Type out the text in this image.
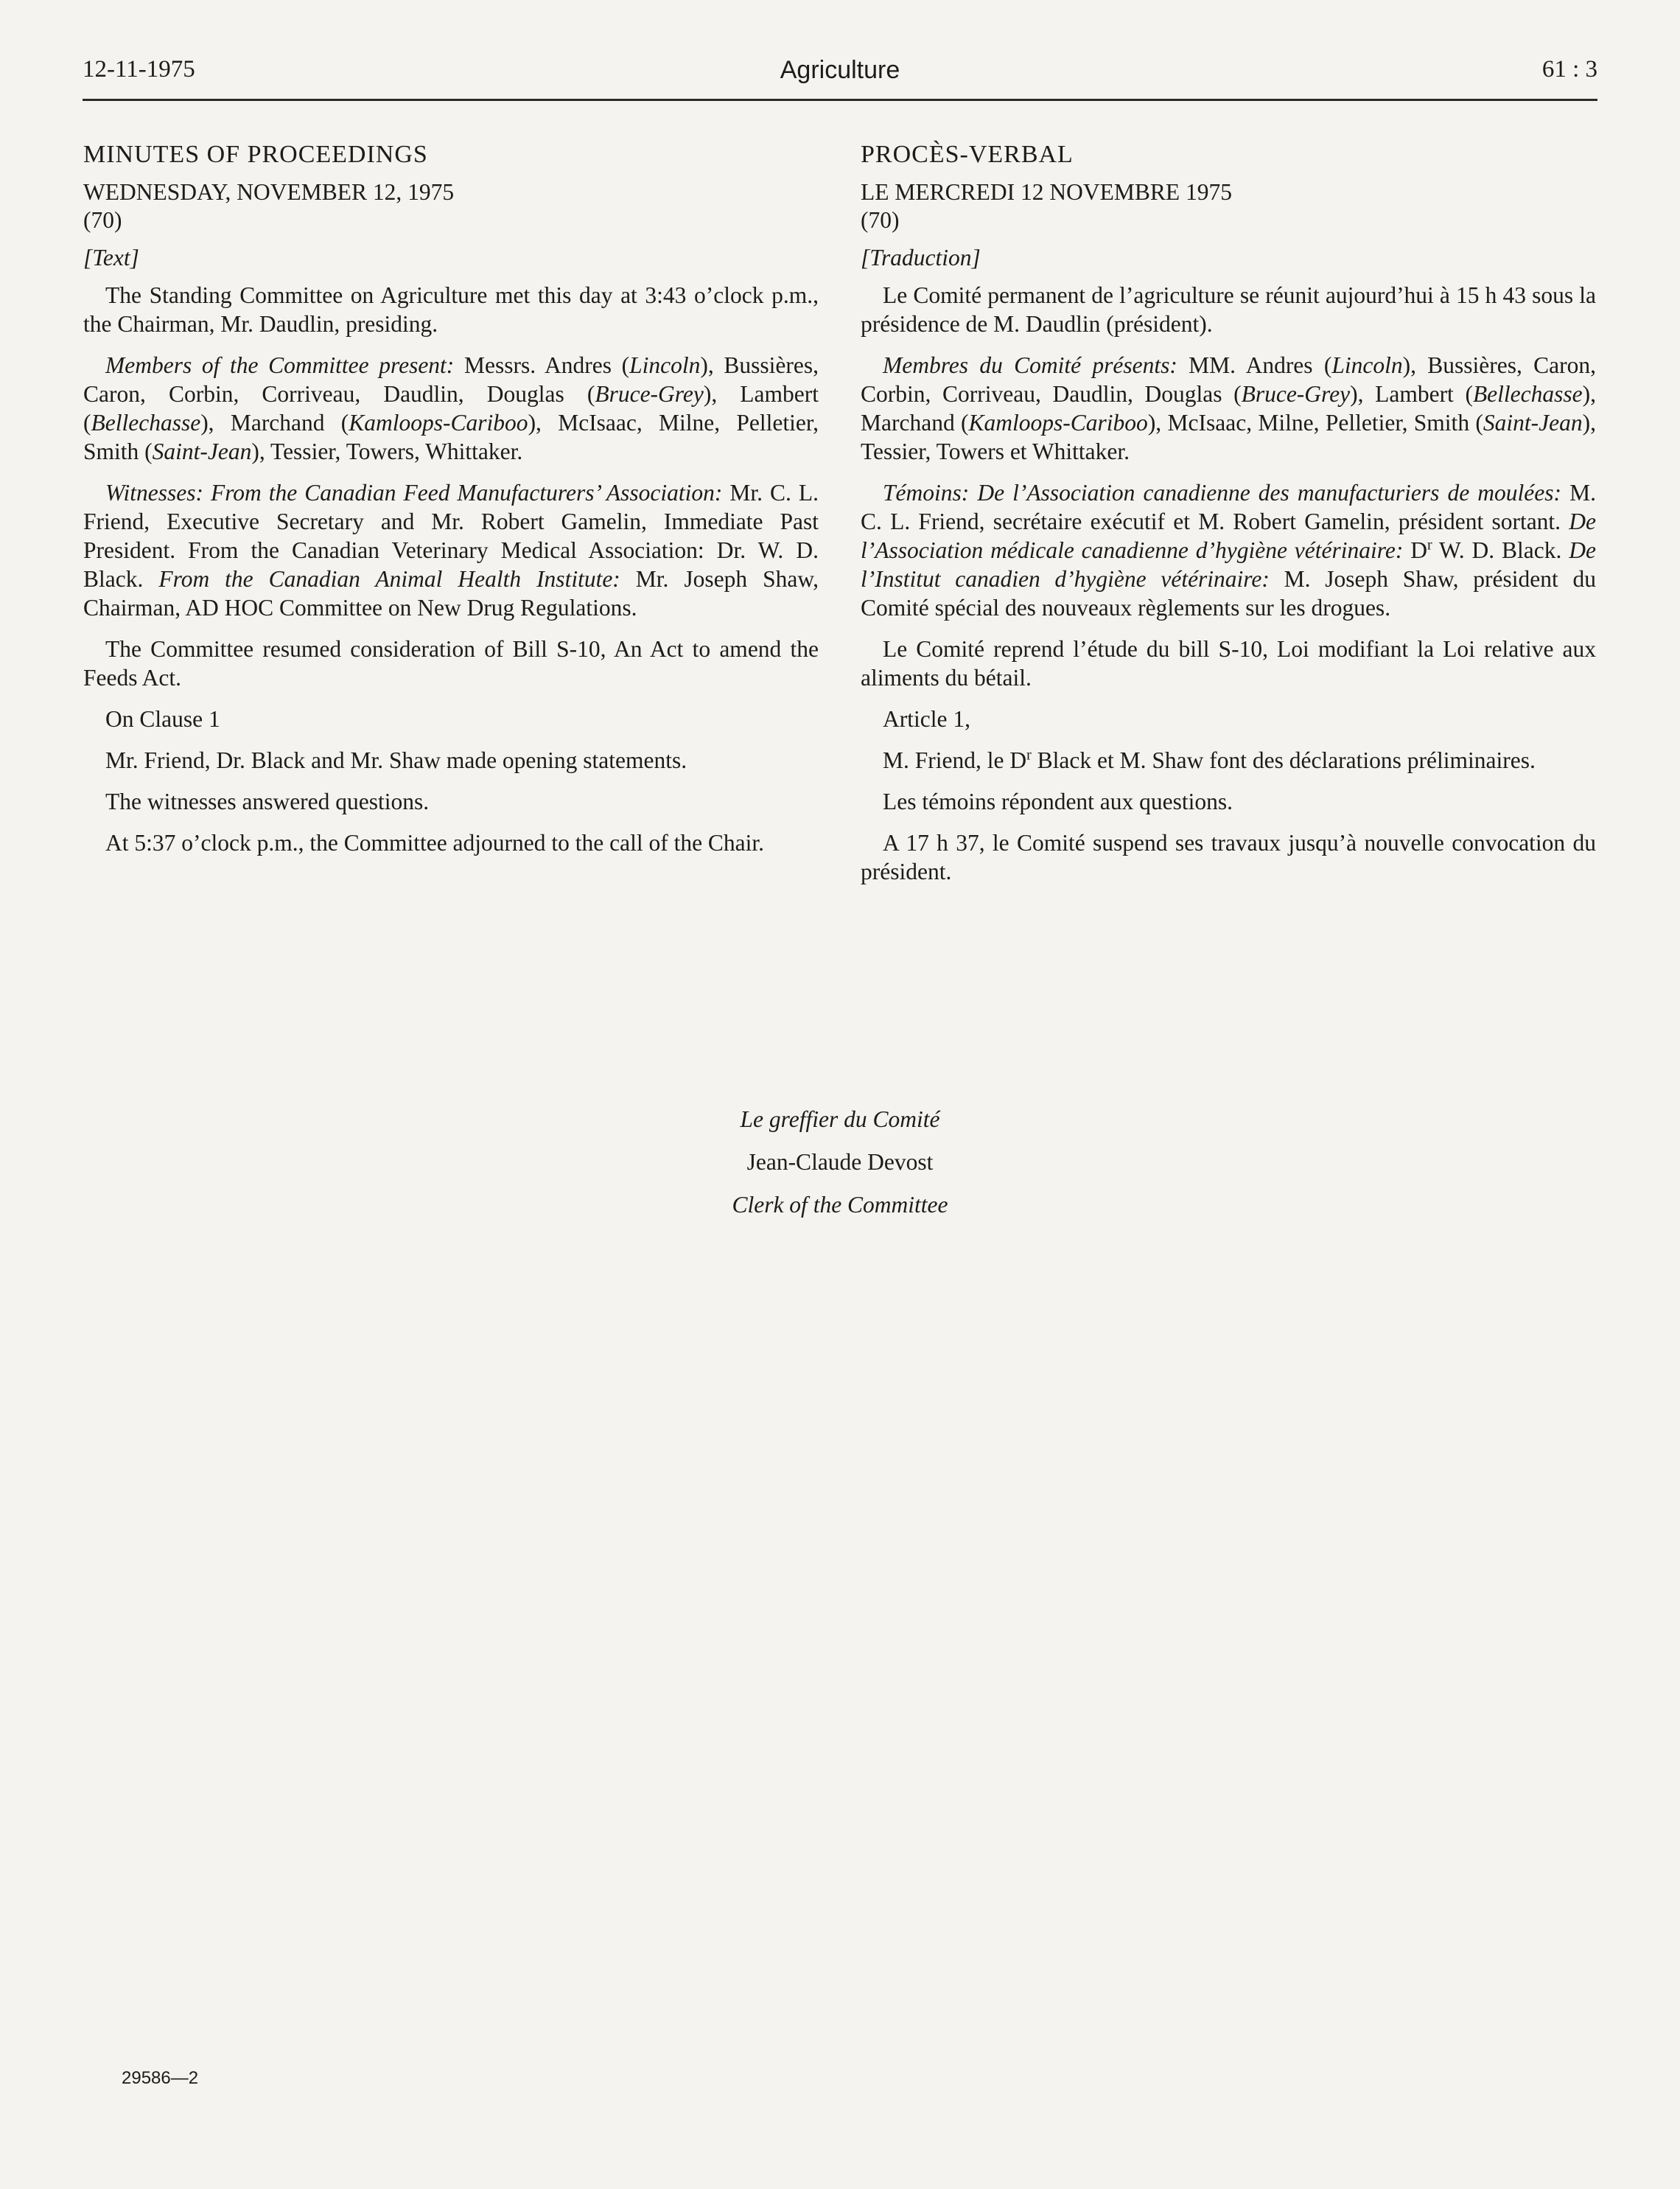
12-11-1975	Agriculture	61 : 3
MINUTES OF PROCEEDINGS
WEDNESDAY, NOVEMBER 12, 1975
(70)
[Text]

The Standing Committee on Agriculture met this day at 3:43 o’clock p.m., the Chairman, Mr. Daudlin, presiding.

Members of the Committee present: Messrs. Andres (Lincoln), Bussières, Caron, Corbin, Corriveau, Daudlin, Douglas (Bruce-Grey), Lambert (Bellechasse), Marchand (Kamloops-Cariboo), McIsaac, Milne, Pelletier, Smith (Saint-Jean), Tessier, Towers, Whittaker.

Witnesses: From the Canadian Feed Manufacturers’ Association: Mr. C. L. Friend, Executive Secretary and Mr. Robert Gamelin, Immediate Past President. From the Canadian Veterinary Medical Association: Dr. W. D. Black. From the Canadian Animal Health Institute: Mr. Joseph Shaw, Chairman, AD HOC Committee on New Drug Regulations.

The Committee resumed consideration of Bill S-10, An Act to amend the Feeds Act.

On Clause 1

Mr. Friend, Dr. Black and Mr. Shaw made opening statements.

The witnesses answered questions.

At 5:37 o’clock p.m., the Committee adjourned to the call of the Chair.

PROCÈS-VERBAL
LE MERCREDI 12 NOVEMBRE 1975
(70)
[Traduction]

Le Comité permanent de l’agriculture se réunit aujourd’hui à 15 h 43 sous la présidence de M. Daudlin (président).

Membres du Comité présents: MM. Andres (Lincoln), Bussières, Caron, Corbin, Corriveau, Daudlin, Douglas (Bruce-Grey), Lambert (Bellechasse), Marchand (Kamloops-Cariboo), McIsaac, Milne, Pelletier, Smith (Saint-Jean), Tessier, Towers et Whittaker.

Témoins: De l’Association canadienne des manufacturiers de moulées: M. C. L. Friend, secrétaire exécutif et M. Robert Gamelin, président sortant. De l’Association médicale canadienne d’hygiène vétérinaire: $D^r$ W. D. Black. De l’Institut canadien d’hygiène vétérinaire: M. Joseph Shaw, président du Comité spécial des nouveaux règlements sur les drogues.

Le Comité reprend l’étude du bill S-10, Loi modifiant la Loi relative aux aliments du bétail.

Article 1,

M. Friend, le $D^r$ Black et M. Shaw font des déclarations préliminaires.

Les témoins répondent aux questions.

A 17 h 37, le Comité suspend ses travaux jusqu’à nouvelle convocation du président.

Le greffier du Comité
Jean-Claude Devost
Clerk of the Committee
29586—2
